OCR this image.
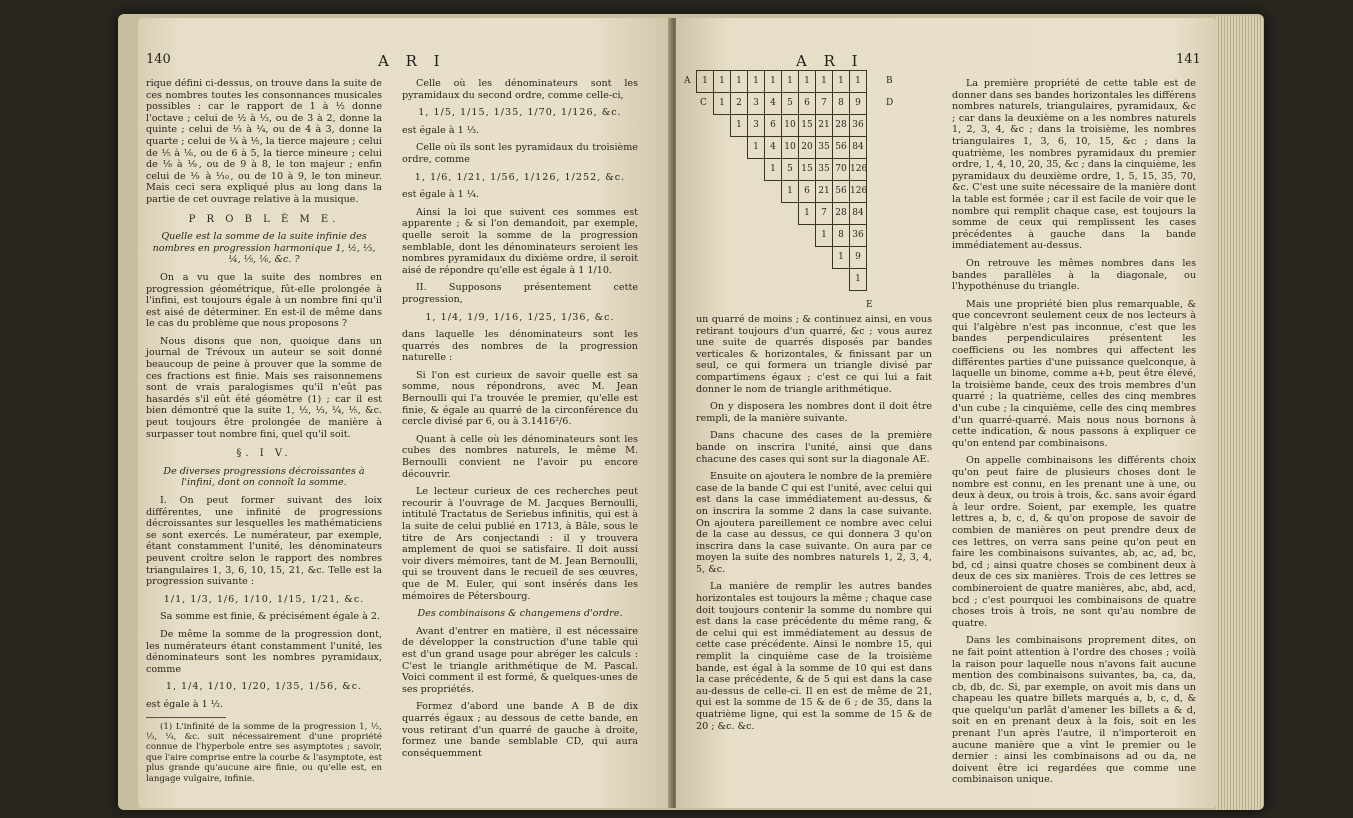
140	A R I

rique défini ci-dessus, on trouve dans la suite de ces nombres toutes les consonnances musicales possibles : car le rapport de 1 à ½ donne l'octave ; celui de ½ à ⅓, ou de 3 à 2, donne la quinte ; celui de ⅓ à ¼, ou de 4 à 3, donne la quarte ; celui de ¼ à ⅕, la tierce majeure ; celui de ⅕ à ⅙, ou de 6 à 5, la tierce mineure ; celui de ⅛ à ⅑, ou de 9 à 8, le ton majeur ; enfin celui de ⅑ à ⅒, ou de 10 à 9, le ton mineur. Mais ceci sera expliqué plus au long dans la partie de cet ouvrage relative à la musique.

P R O B L È M E.

Quelle est la somme de la suite infinie des nombres en progression harmonique 1, ½, ⅓, ¼, ⅕, ⅙, &c. ?

On a vu que la suite des nombres en progression géométrique, fût-elle prolongée à l'infini, est toujours égale à un nombre fini qu'il est aisé de déterminer. En est-il de même dans le cas du problème que nous proposons ?

Nous disons que non, quoique dans un journal de Trévoux un auteur se soit donné beaucoup de peine à prouver que la somme de ces fractions est finie. Mais ses raisonnemens sont de vrais paralogismes qu'il n'eût pas hasardés s'il eût été géomètre (1) ; car il est bien démontré que la suite 1, ½, ⅓, ¼, ⅕, &c. peut toujours être prolongée de manière à surpasser tout nombre fini, quel qu'il soit.

§. I V.

De diverses progressions décroissantes à l'infini, dont on connoît la somme.

I. On peut former suivant des loix différentes, une infinité de progressions décroissantes sur lesquelles les mathématiciens se sont exercés. Le numérateur, par exemple, étant constamment l'unité, les dénominateurs peuvent croître selon le rapport des nombres triangulaires 1, 3, 6, 10, 15, 21, &c. Telle est la progression suivante :

1/1, 1/3, 1/6, 1/10, 1/15, 1/21, &c.

Sa somme est finie, & précisément égale à 2.

De même la somme de la progression dont, les numérateurs étant constamment l'unité, les dénominateurs sont les nombres pyramidaux, comme

1, 1/4, 1/10, 1/20, 1/35, 1/56, &c.

est égale à 1 ½.

(1) L'infinité de la somme de la progression 1, ½, ⅓, ¼, &c. suit nécessairement d'une propriété connue de l'hyperbole entre ses asymptotes ; savoir, que l'aire comprise entre la courbe & l'asymptote, est plus grande qu'aucune aire finie, ou qu'elle est, en langage vulgaire, infinie.

Celle où les dénominateurs sont les pyramidaux du second ordre, comme celle-ci,

1, 1/5, 1/15, 1/35, 1/70, 1/126, &c.

est égale à 1 ⅓.

Celle où ils sont les pyramidaux du troisième ordre, comme

1, 1/6, 1/21, 1/56, 1/126, 1/252, &c.

est égale à 1 ¼.

Ainsi la loi que suivent ces sommes est apparente ; & si l'on demandoit, par exemple, quelle seroit la somme de la progression semblable, dont les dénominateurs seroient les nombres pyramidaux du dixième ordre, il seroit aisé de répondre qu'elle est égale à 1 1/10.

II. Supposons présentement cette progression,

1, 1/4, 1/9, 1/16, 1/25, 1/36, &c.

dans laquelle les dénominateurs sont les quarrés des nombres de la progression naturelle :

Si l'on est curieux de savoir quelle est sa somme, nous répondrons, avec M. Jean Bernoulli qui l'a trouvée le premier, qu'elle est finie, & égale au quarré de la circonférence du cercle divisé par 6, ou à 3.1416²/6.

Quant à celle où les dénominateurs sont les cubes des nombres naturels, le même M. Bernoulli convient ne l'avoir pu encore découvrir.

Le lecteur curieux de ces recherches peut recourir à l'ouvrage de M. Jacques Bernoulli, intitulé Tractatus de Seriebus infinitis, qui est à la suite de celui publié en 1713, à Bâle, sous le titre de Ars conjectandi : il y trouvera amplement de quoi se satisfaire. Il doit aussi voir divers mémoires, tant de M. Jean Bernoulli, qui se trouvent dans le recueil de ses œuvres, que de M. Euler, qui sont insérés dans les mémoires de Pétersbourg.

Des combinaisons & changemens d'ordre.

Avant d'entrer en matière, il est nécessaire de développer la construction d'une table qui est d'un grand usage pour abréger les calculs : C'est le triangle arithmétique de M. Pascal. Voici comment il est formé, & quelques-unes de ses propriétés.

Formez d'abord une bande A B de dix quarrés égaux ; au dessous de cette bande, en vous retirant d'un quarré de gauche à droite, formez une bande semblable CD, qui aura conséquemment

A R I	141
A
C
B
D
E
1	1	1	1	1	1	1	1	1	1
1	2	3	4	5	6	7	8	9
1	3	6 10 15 21 28 36
1	4 10 20 35 56 84
1	5 15 35 70 126
1	6 21 56 126
1	7 28 84
1	8 36
1	9
1

un quarré de moins ; & continuez ainsi, en vous retirant toujours d'un quarré, &c ; vous aurez une suite de quarrés disposés par bandes verticales & horizontales, & finissant par un seul, ce qui formera un triangle divisé par compartimens égaux ; c'est ce qui lui a fait donner le nom de triangle arithmétique.

On y disposera les nombres dont il doit être rempli, de la manière suivante.

Dans chacune des cases de la première bande on inscrira l'unité, ainsi que dans chacune des cases qui sont sur la diagonale AE.

Ensuite on ajoutera le nombre de la première case de la bande C qui est l'unité, avec celui qui est dans la case immédiatement au-dessus, & on inscrira la somme 2 dans la case suivante. On ajoutera pareillement ce nombre avec celui de la case au dessus, ce qui donnera 3 qu'on inscrira dans la case suivante. On aura par ce moyen la suite des nombres naturels 1, 2, 3, 4, 5, &c.

La manière de remplir les autres bandes horizontales est toujours la même ; chaque case doit toujours contenir la somme du nombre qui est dans la case précédente du même rang, & de celui qui est immédiatement au dessus de cette case précédente. Ainsi le nombre 15, qui remplit la cinquième case de la troisième bande, est égal à la somme de 10 qui est dans la case précédente, & de 5 qui est dans la case au-dessus de celle-ci. Il en est de même de 21, qui est la somme de 15 & de 6 ; de 35, dans la quatrième ligne, qui est la somme de 15 & de 20 ; &c. &c.

La première propriété de cette table est de donner dans ses bandes horizontales les différens nombres naturels, triangulaires, pyramidaux, &c ; car dans la deuxième on a les nombres naturels 1, 2, 3, 4, &c ; dans la troisième, les nombres triangulaires 1, 3, 6, 10, 15, &c ; dans la quatrième, les nombres pyramidaux du premier ordre, 1, 4, 10, 20, 35, &c ; dans la cinquième, les pyramidaux du deuxième ordre, 1, 5, 15, 35, 70, &c. C'est une suite nécessaire de la manière dont la table est formée ; car il est facile de voir que le nombre qui remplit chaque case, est toujours la somme de ceux qui remplissent les cases précédentes à gauche dans la bande immédiatement au-dessus.

On retrouve les mêmes nombres dans les bandes parallèles à la diagonale, ou l'hypothénuse du triangle.

Mais une propriété bien plus remarquable, & que concevront seulement ceux de nos lecteurs à qui l'algèbre n'est pas inconnue, c'est que les bandes perpendiculaires présentent les coefficiens ou les nombres qui affectent les différentes parties d'une puissance quelconque, à laquelle un binome, comme a+b, peut être élevé, la troisième bande, ceux des trois membres d'un quarré ; la quatrième, celles des cinq membres d'un cube ; la cinquième, celle des cinq membres d'un quarré-quarré. Mais nous nous bornons à cette indication, & nous passons à expliquer ce qu'on entend par combinaisons.

On appelle combinaisons les différents choix qu'on peut faire de plusieurs choses dont le nombre est connu, en les prenant une à une, ou deux à deux, ou trois à trois, &c. sans avoir égard à leur ordre. Soient, par exemple, les quatre lettres a, b, c, d, & qu'on propose de savoir de combien de manières on peut prendre deux de ces lettres, on verra sans peine qu'on peut en faire les combinaisons suivantes, ab, ac, ad, bc, bd, cd ; ainsi quatre choses se combinent deux à deux de ces six manières. Trois de ces lettres se combineroient de quatre manières, abc, abd, acd, bcd ; c'est pourquoi les combinaisons de quatre choses trois à trois, ne sont qu'au nombre de quatre.

Dans les combinaisons proprement dites, on ne fait point attention à l'ordre des choses ; voilà la raison pour laquelle nous n'avons fait aucune mention des combinaisons suivantes, ba, ca, da, cb, db, dc. Si, par exemple, on avoit mis dans un chapeau les quatre billets marqués a, b, c, d, & que quelqu'un parlât d'amener les billets a & d, soit en en prenant deux à la fois, soit en les prenant l'un après l'autre, il n'importeroit en aucune manière que a vînt le premier ou le dernier : ainsi les combinaisons ad ou da, ne doivent être ici regardées que comme une combinaison unique.
